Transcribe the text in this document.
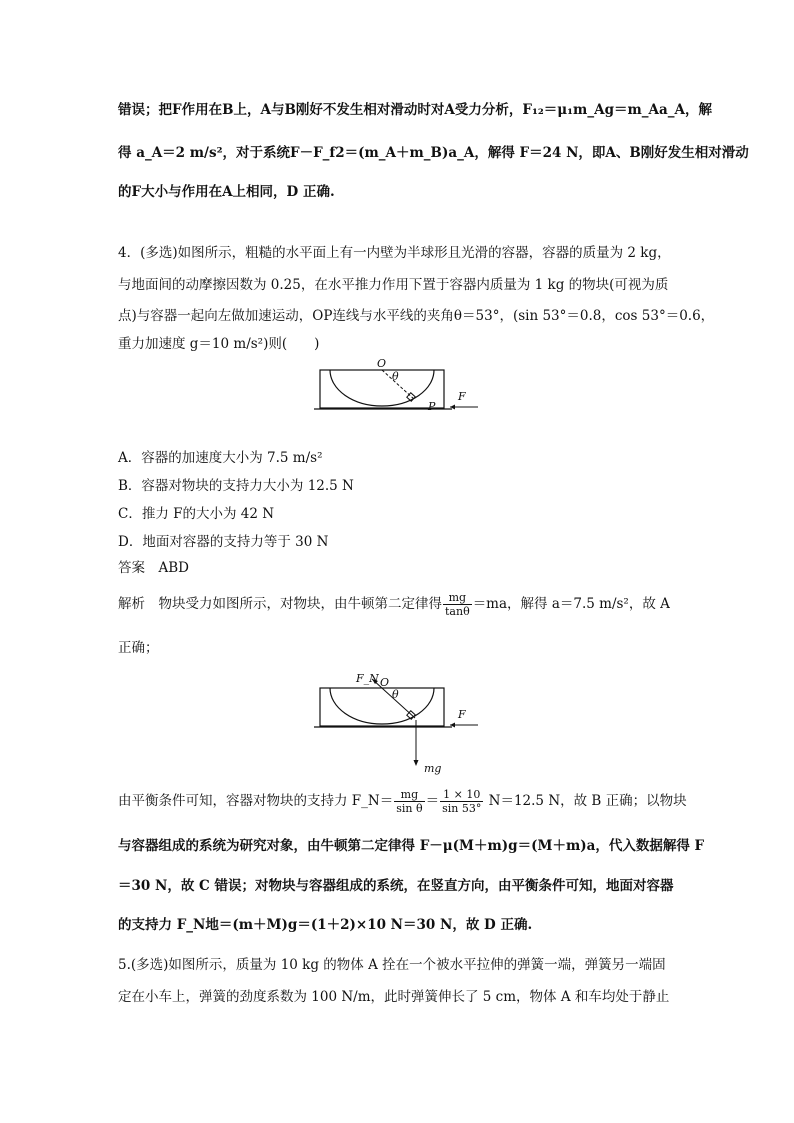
错误；把F作用在B上，A与B刚好不发生相对滑动时对A受力分析，F₁₂＝μ₁m_Ag＝m_Aa_A，解
得 a_A＝2 m/s²，对于系统F－F_f2＝(m_A＋m_B)a_A，解得 F＝24 N，即A、B刚好发生相对滑动
的F大小与作用在A上相同，D 正确.
4．(多选)如图所示，粗糙的水平面上有一内壁为半球形且光滑的容器，容器的质量为 2 kg，
与地面间的动摩擦因数为 0.25，在水平推力作用下置于容器内质量为 1 kg 的物块(可视为质
点)与容器一起向左做加速运动，OP连线与水平线的夹角θ＝53°，(sin 53°＝0.8，cos 53°＝0.6，
重力加速度 g＝10 m/s²)则(　　)
O
θ
P
F
A．容器的加速度大小为 7.5 m/s²
B．容器对物块的支持力大小为 12.5 N
C．推力 F的大小为 42 N
D．地面对容器的支持力等于 30 N
答案　ABD
解析　物块受力如图所示，对物块，由牛顿第二定律得 $\frac{mg}{\tan\theta} =ma$，解得 a＝7.5 m/s²，故 A
正确；
F_N O
θ
F
mg
由平衡条件可知，容器对物块的支持力 F_N＝ $\frac{mg}{\text{sin θ}} = \frac{1 \times 10}{\sin 53^\circ} N=12.5$ N，故 B 正确；以物块
与容器组成的系统为研究对象，由牛顿第二定律得 F－μ(M＋m)g＝(M＋m)a，代入数据解得 F
＝30 N，故 C 错误；对物块与容器组成的系统，在竖直方向，由平衡条件可知，地面对容器
的支持力 F_N地＝(m＋M)g＝(1＋2)×10 N＝30 N，故 D 正确.
5.(多选)如图所示，质量为 10 kg 的物体 A 拴在一个被水平拉伸的弹簧一端，弹簧另一端固
定在小车上，弹簧的劲度系数为 100 N/m，此时弹簧伸长了 5 cm，物体 A 和车均处于静止
